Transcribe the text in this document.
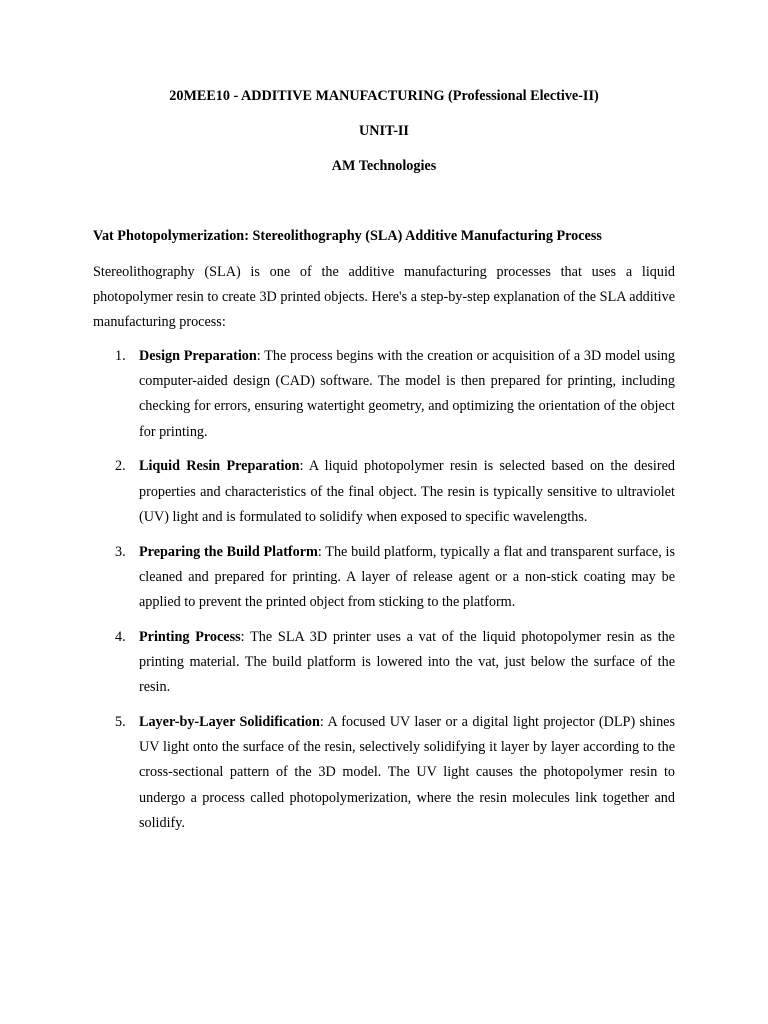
20MEE10 - ADDITIVE MANUFACTURING (Professional Elective-II)

UNIT-II

AM Technologies

Vat Photopolymerization: Stereolithography (SLA) Additive Manufacturing Process

Stereolithography (SLA) is one of the additive manufacturing processes that uses a liquid photopolymer resin to create 3D printed objects. Here's a step-by-step explanation of the SLA additive manufacturing process:

1. Design Preparation: The process begins with the creation or acquisition of a 3D model using computer-aided design (CAD) software. The model is then prepared for printing, including checking for errors, ensuring watertight geometry, and optimizing the orientation of the object for printing.
2. Liquid Resin Preparation: A liquid photopolymer resin is selected based on the desired properties and characteristics of the final object. The resin is typically sensitive to ultraviolet (UV) light and is formulated to solidify when exposed to specific wavelengths.
3. Preparing the Build Platform: The build platform, typically a flat and transparent surface, is cleaned and prepared for printing. A layer of release agent or a non-stick coating may be applied to prevent the printed object from sticking to the platform.
4. Printing Process: The SLA 3D printer uses a vat of the liquid photopolymer resin as the printing material. The build platform is lowered into the vat, just below the surface of the resin.
5. Layer-by-Layer Solidification: A focused UV laser or a digital light projector (DLP) shines UV light onto the surface of the resin, selectively solidifying it layer by layer according to the cross-sectional pattern of the 3D model. The UV light causes the photopolymer resin to undergo a process called photopolymerization, where the resin molecules link together and solidify.
